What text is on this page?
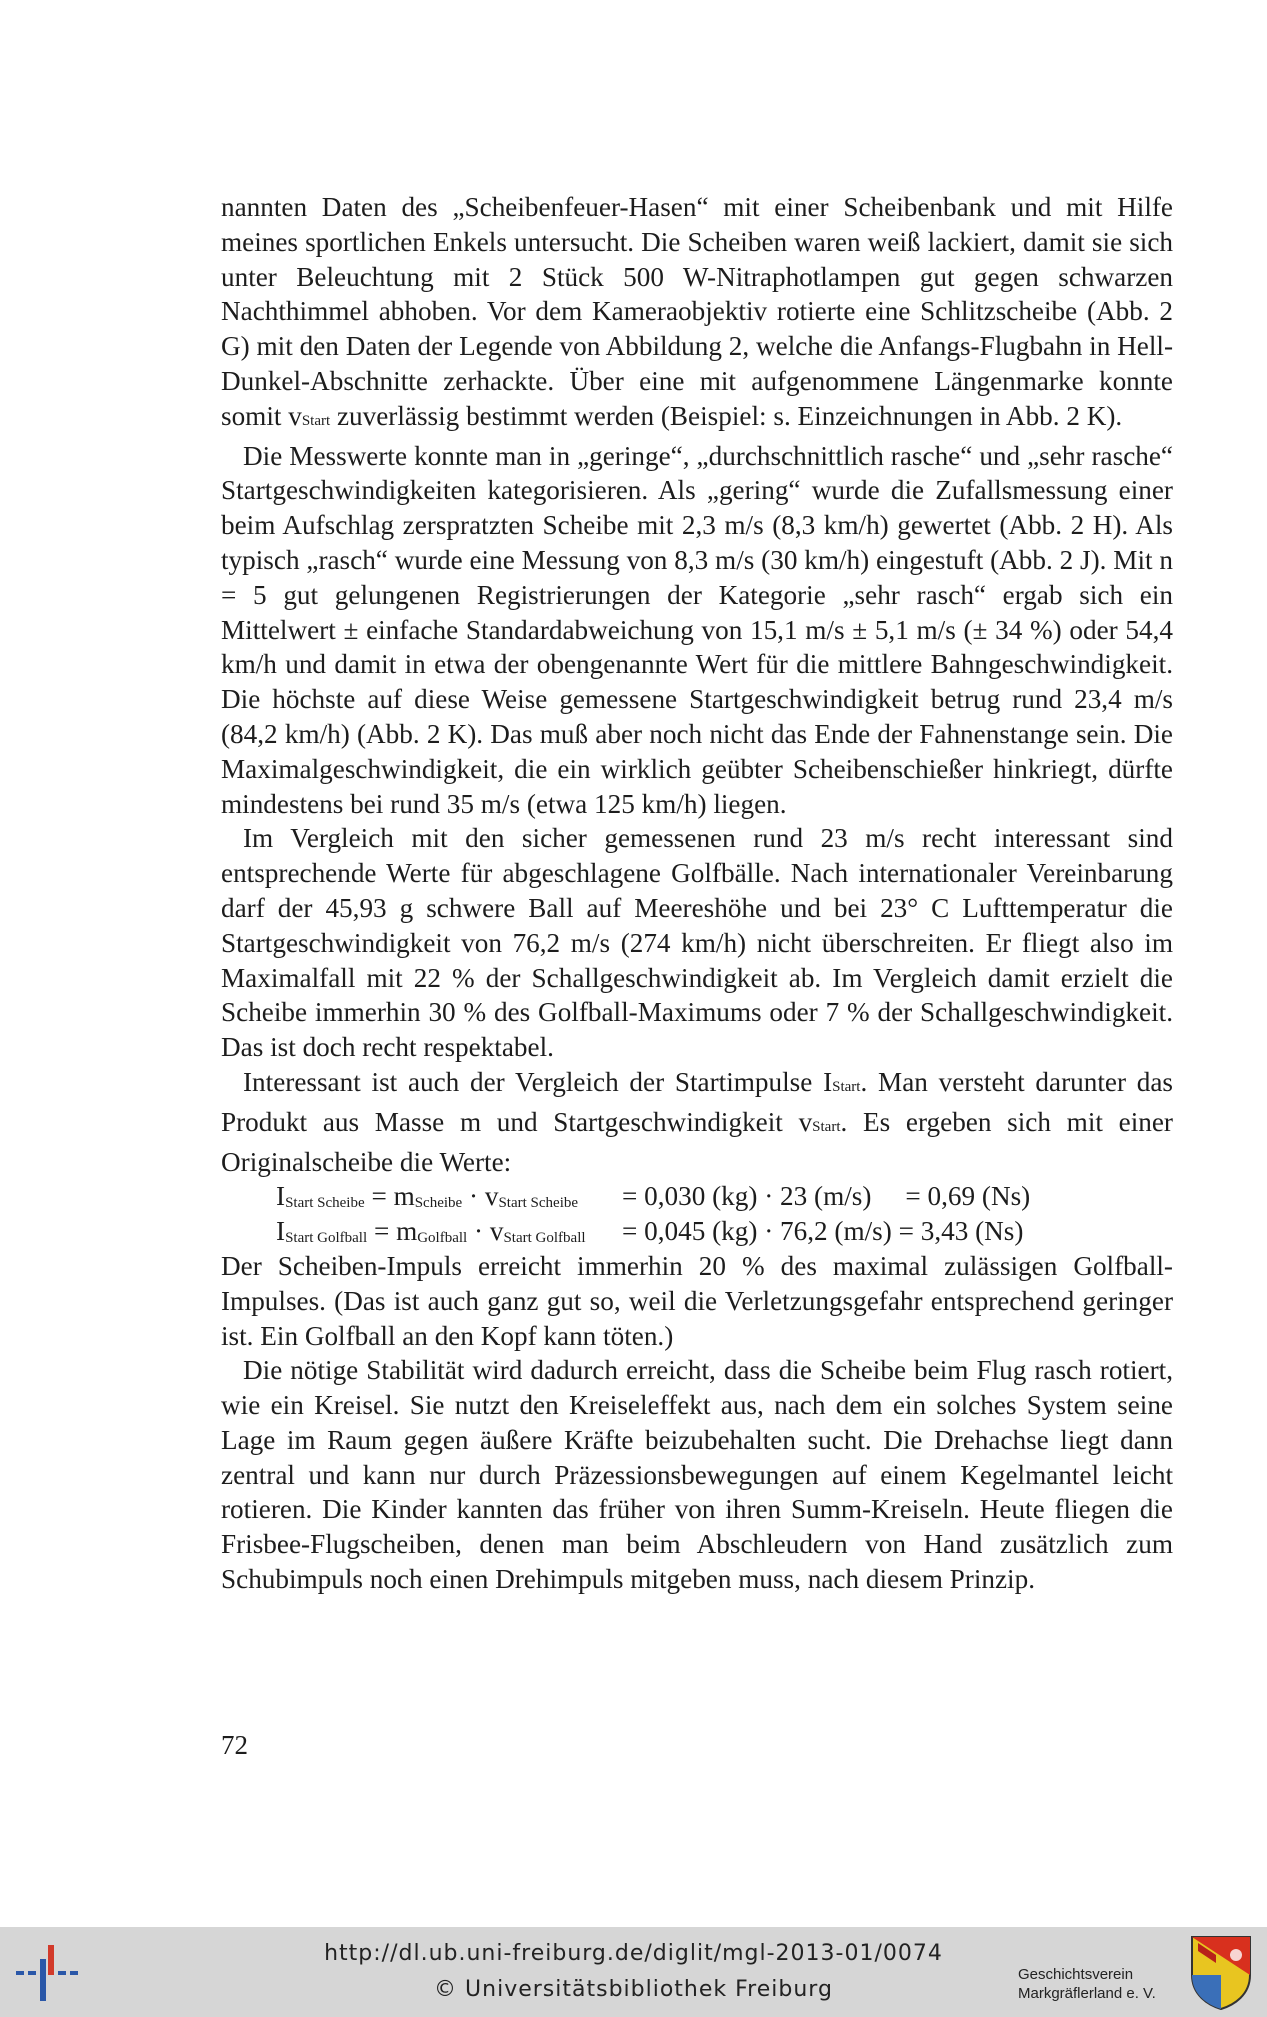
nannten Daten des „Scheibenfeuer-Hasen“ mit einer Scheibenbank und mit Hilfe meines sportlichen Enkels untersucht. Die Scheiben waren weiß lackiert, damit sie sich unter Beleuchtung mit 2 Stück 500 W-Nitraphotlampen gut gegen schwarzen Nachthimmel abhoben. Vor dem Kameraobjektiv rotierte eine Schlitzscheibe (Abb. 2 G) mit den Daten der Legende von Abbildung 2, welche die Anfangs-Flugbahn in Hell-Dunkel-Abschnitte zerhackte. Über eine mit aufgenommene Längenmarke konnte somit vStart zuverlässig bestimmt werden (Beispiel: s. Einzeichnungen in Abb. 2 K).

Die Messwerte konnte man in „geringe“, „durchschnittlich rasche“ und „sehr rasche“ Startgeschwindigkeiten kategorisieren. Als „gering“ wurde die Zufallsmessung einer beim Aufschlag zerspratzten Scheibe mit 2,3 m/s (8,3 km/h) gewertet (Abb. 2 H). Als typisch „rasch“ wurde eine Messung von 8,3 m/s (30 km/h) eingestuft (Abb. 2 J). Mit n = 5 gut gelungenen Registrierungen der Kategorie „sehr rasch“ ergab sich ein Mittelwert ± einfache Standardabweichung von 15,1 m/s ± 5,1 m/s (± 34 %) oder 54,4 km/h und damit in etwa der obengenannte Wert für die mittlere Bahngeschwindigkeit. Die höchste auf diese Weise gemessene Startgeschwindigkeit betrug rund 23,4 m/s (84,2 km/h) (Abb. 2 K). Das muß aber noch nicht das Ende der Fahnenstange sein. Die Maximalgeschwindigkeit, die ein wirklich geübter Scheibenschießer hinkriegt, dürfte mindestens bei rund 35 m/s (etwa 125 km/h) liegen.

Im Vergleich mit den sicher gemessenen rund 23 m/s recht interessant sind entsprechende Werte für abgeschlagene Golfbälle. Nach internationaler Vereinbarung darf der 45,93 g schwere Ball auf Meereshöhe und bei 23° C Lufttemperatur die Startgeschwindigkeit von 76,2 m/s (274 km/h) nicht überschreiten. Er fliegt also im Maximalfall mit 22 % der Schallgeschwindigkeit ab. Im Vergleich damit erzielt die Scheibe immerhin 30 % des Golfball-Maximums oder 7 % der Schallgeschwindigkeit. Das ist doch recht respektabel.

Interessant ist auch der Vergleich der Startimpulse IStart. Man versteht darunter das Produkt aus Masse m und Startgeschwindigkeit vStart. Es ergeben sich mit einer Originalscheibe die Werte:

IStart Scheibe = mScheibe · vStart Scheibe = 0,030 (kg) · 23 (m/s)     = 0,69 (Ns)
IStart Golfball = mGolfball · vStart Golfball = 0,045 (kg) · 76,2 (m/s) = 3,43 (Ns)

Der Scheiben-Impuls erreicht immerhin 20 % des maximal zulässigen Golfball-Impulses. (Das ist auch ganz gut so, weil die Verletzungsgefahr entsprechend geringer ist. Ein Golfball an den Kopf kann töten.)

Die nötige Stabilität wird dadurch erreicht, dass die Scheibe beim Flug rasch rotiert, wie ein Kreisel. Sie nutzt den Kreiseleffekt aus, nach dem ein solches System seine Lage im Raum gegen äußere Kräfte beizubehalten sucht. Die Drehachse liegt dann zentral und kann nur durch Präzessionsbewegungen auf einem Kegelmantel leicht rotieren. Die Kinder kannten das früher von ihren Summ-Kreiseln. Heute fliegen die Frisbee-Flugscheiben, denen man beim Abschleudern von Hand zusätzlich zum Schubimpuls noch einen Drehimpuls mitgeben muss, nach diesem Prinzip.

72
http://dl.ub.uni-freiburg.de/diglit/mgl-2013-01/0074
© Universitätsbibliothek Freiburg
Geschichtsverein
Markgräflerland e. V.
